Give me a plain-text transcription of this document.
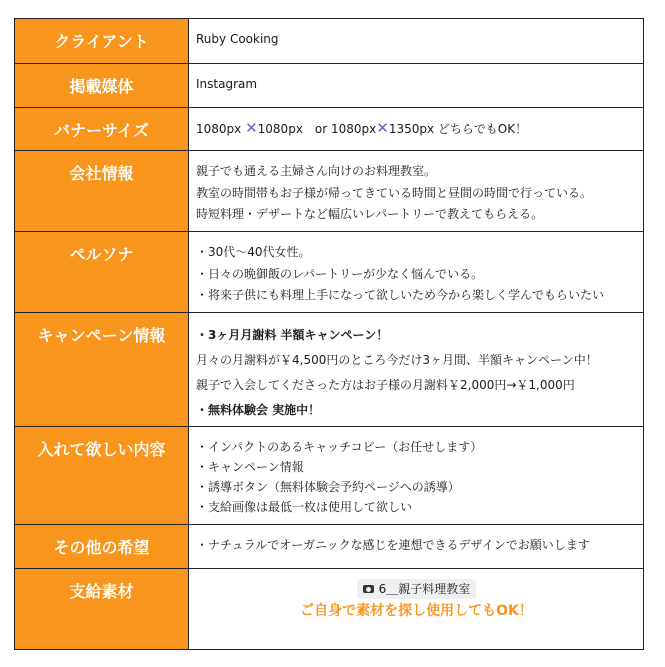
クライアント	Ruby Cooking
掲載媒体	Instagram
バナーサイズ	1080px ✕1080px　or 1080px✕1350px どちらでもOK！
会社情報	親子でも通える主婦さん向けのお料理教室。

教室の時間帯もお子様が帰ってきている時間と昼間の時間で行っている。

時短料理・デザートなど幅広いレパートリーで教えてもらえる。

ペルソナ	・30代〜40代女性。

・日々の晩御飯のレパートリーが少なく悩んでいる。

・将来子供にも料理上手になって欲しいため今から楽しく学んでもらいたい

キャンペーン情報	・3ヶ月月謝料 半額キャンペーン！

月々の月謝料が￥4,500円のところ今だけ3ヶ月間、半額キャンペーン中！

親子で入会してくださった方はお子様の月謝料￥2,000円→￥1,000円

・無料体験会 実施中！

入れて欲しい内容	・インパクトのあるキャッチコピー（お任せします）

・キャンペーン情報

・誘導ボタン（無料体験会予約ページへの誘導）

・支給画像は最低一枚は使用して欲しい

その他の希望	・ナチュラルでオーガニックな感じを連想できるデザインでお願いします
支給素材	6＿親子料理教室

ご自身で素材を探し使用してもOK！
